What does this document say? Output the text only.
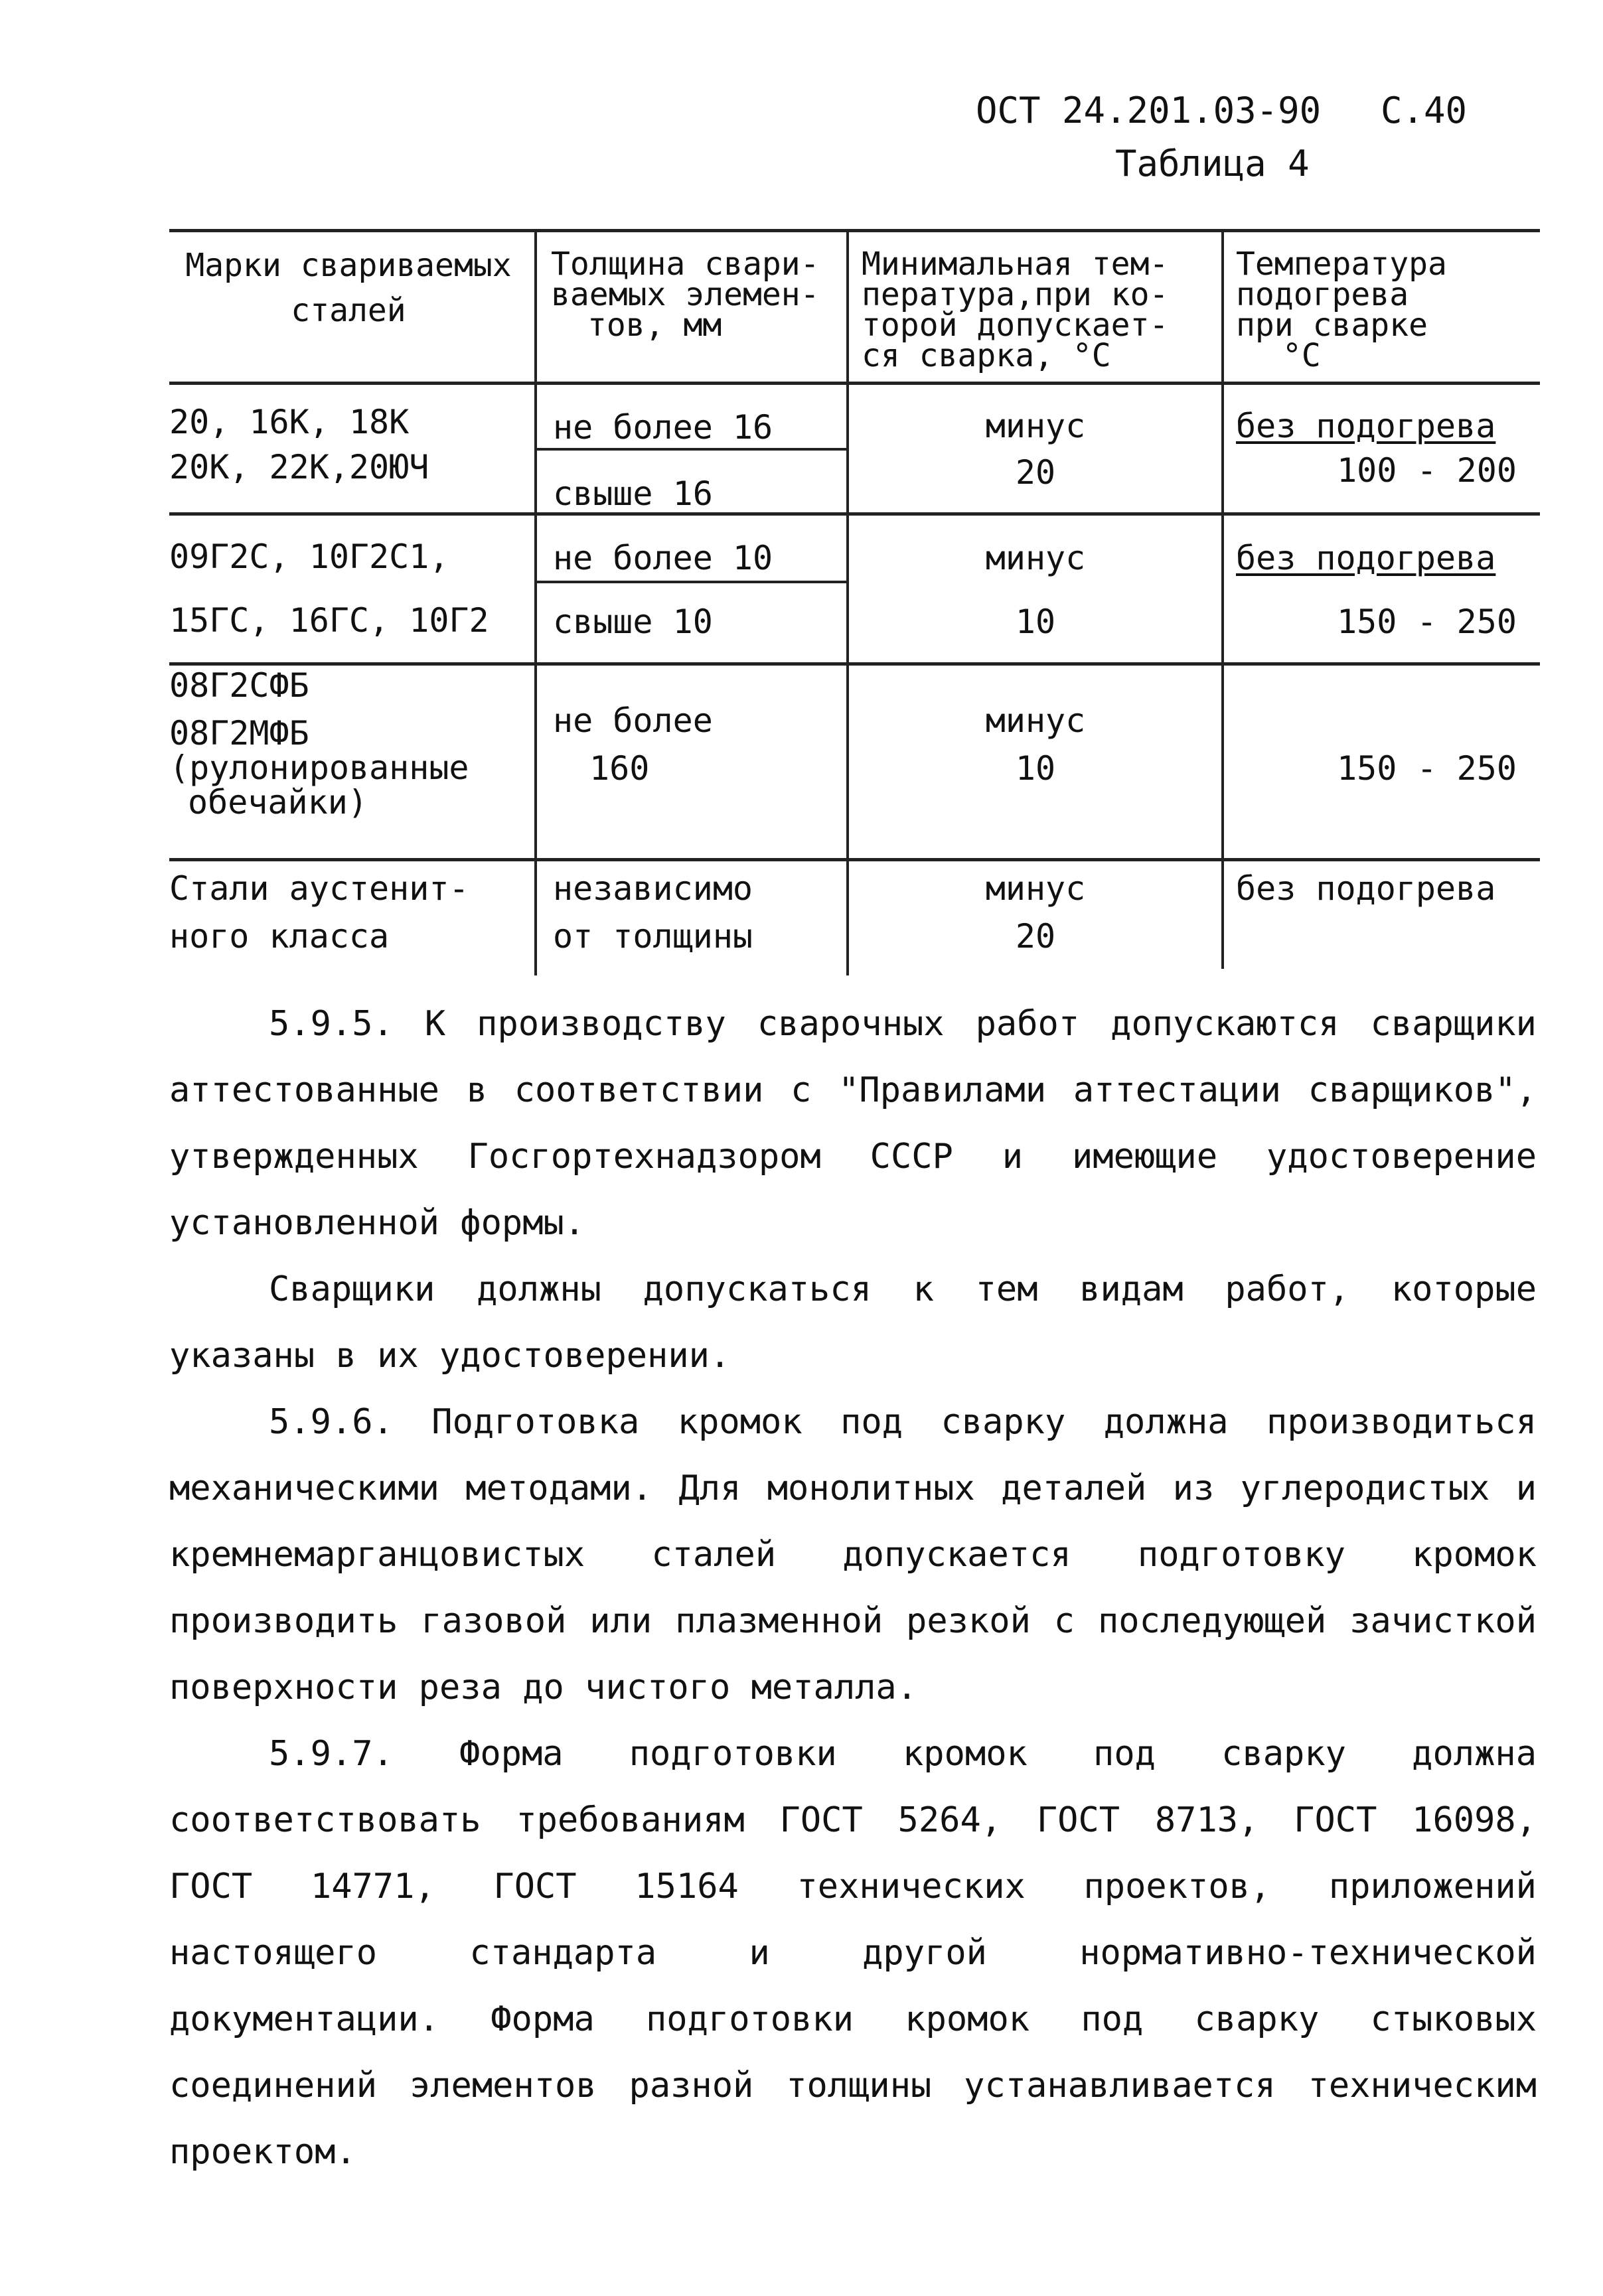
ОСТ 24.201.03-90 С.40
Таблица 4
Марки свариваемых
сталей
Толщина свари-
ваемых элемен-
тов, мм
Минимальная тем-
пература,при ко-
торой допускает-
ся сварка, °С
Температура
подогрева
при сварке
°С
20, 16К, 18К
20К, 22К,20ЮЧ
не более 16
свыше 16
минус
20
без подогрева
100 - 200
09Г2С, 10Г2С1,
15ГС, 16ГС, 10Г2
не более 10
свыше 10
минус
10
без подогрева
150 - 250
08Г2СФБ
08Г2МФБ
(рулонированные
обечайки)
не более
160
минус
10	150 - 250
Стали аустенит-
ного класса
независимо
от толщины
минус
20
без подогрева

5.9.5. К производству сварочных работ допускаются сварщики аттестованные в соответствии с "Правилами аттестации сварщиков", утвержденных Госгортехнадзором СССР и имеющие удостоверение установленной формы.

Сварщики должны допускаться к тем видам работ, которые указаны в их удостоверении.

5.9.6. Подготовка кромок под сварку должна производиться механическими методами. Для монолитных деталей из углеродистых и кремнемарганцовистых сталей допускается подготовку кромок производить газовой или плазменной резкой с последующей зачисткой поверхности реза до чистого металла.

5.9.7. Форма подготовки кромок под сварку должна соответствовать требованиям ГОСТ 5264, ГОСТ 8713, ГОСТ 16098, ГОСТ 14771, ГОСТ 15164 технических проектов, приложений настоящего стандарта и другой нормативно-технической документации. Форма подготовки кромок под сварку стыковых соединений элементов разной толщины устанавливается техническим проектом.
